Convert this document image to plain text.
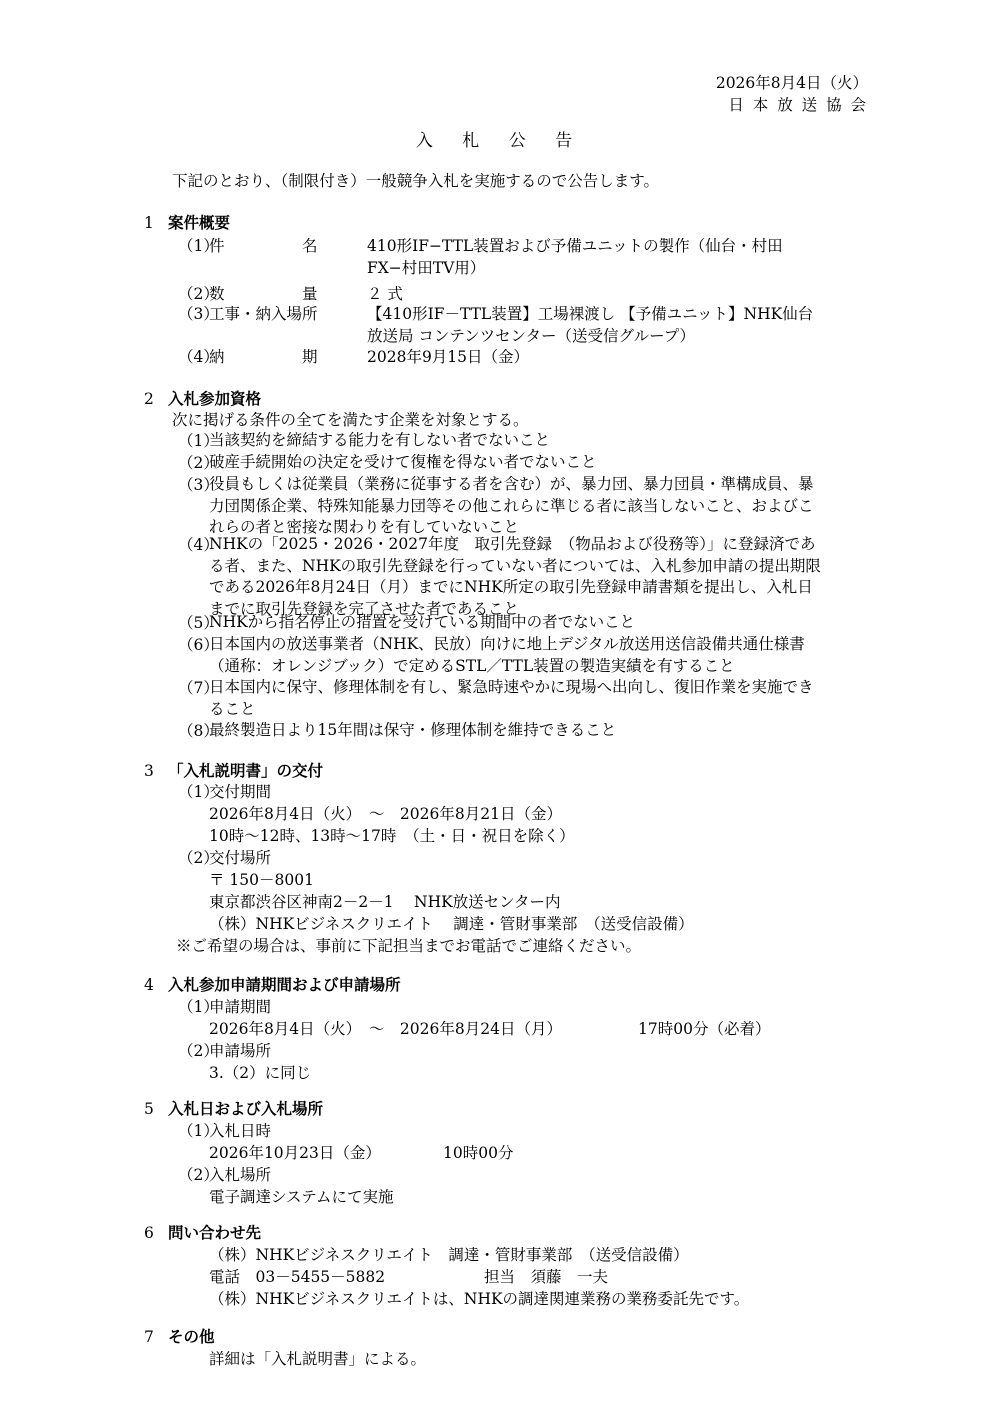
2026年8月4日（火）
日 本 放 送 協 会
入 札 公 告
下記のとおり、（制限付き）一般競争入札を実施するので公告します。
1 案件概要
（1）
件　　　　　名	410形IF−TTL装置および予備ユニットの製作（仙台・村田FX−村田TV用）
（2）
数　　　　　量	２ 式
（3）
工事・納入場所	【410形IF－TTL装置】工場裸渡し 【予備ユニット】NHK仙台放送局 コンテンツセンター（送受信グループ）
（4）
納　　　　　期	2028年9月15日（金）
2 入札参加資格
次に掲げる条件の全てを満たす企業を対象とする。
（1）
当該契約を締結する能力を有しない者でないこと
（2）
破産手続開始の決定を受けて復権を得ない者でないこと
（3）
役員もしくは従業員（業務に従事する者を含む）が、暴力団、暴力団員・準構成員、暴力団関係企業、特殊知能暴力団等その他これらに準じる者に該当しないこと、およびこれらの者と密接な関わりを有していないこと
（4）
NHKの「2025・2026・2027年度　取引先登録　（物品および役務等）」に登録済である者、また、NHKの取引先登録を行っていない者については、入札参加申請の提出期限である2026年8月24日（月）までにNHK所定の取引先登録申請書類を提出し、入札日までに取引先登録を完了させた者であること
（5）
NHKから指名停止の措置を受けている期間中の者でないこと
（6）
日本国内の放送事業者（NHK、民放）向けに地上デジタル放送用送信設備共通仕様書（通称：オレンジブック）で定めるSTL／TTL装置の製造実績を有すること
（7）
日本国内に保守、修理体制を有し、緊急時速やかに現場へ出向し、復旧作業を実施できること
（8）
最終製造日より15年間は保守・修理体制を維持できること
3 「入札説明書」の交付
（1）
交付期間
2026年8月4日（火）　～　2026年8月21日（金）
10時～12時、13時～17時　（土・日・祝日を除く）
（2）
交付場所
〒 150－8001
東京都渋谷区神南2－2－1　 NHK放送センター内
（株）NHKビジネスクリエイト　 調達・管財事業部　（送受信設備）
※ご希望の場合は、事前に下記担当までお電話でご連絡ください。
4 入札参加申請期間および申請場所
（1）
申請期間
2026年8月4日（火）　～　2026年8月24日（月）	17時00分（必着）
（2）
申請場所
3.（2）に同じ
5 入札日および入札場所
（1）
入札日時
2026年10月23日（金）	10時00分
（2）
入札場所
電子調達システムにて実施
6 問い合わせ先
（株）NHKビジネスクリエイト　調達・管財事業部　（送受信設備）
電話　03－5455－5882	担当　須藤　一夫
（株）NHKビジネスクリエイトは、NHKの調達関連業務の業務委託先です。
7 その他
詳細は「入札説明書」による。
